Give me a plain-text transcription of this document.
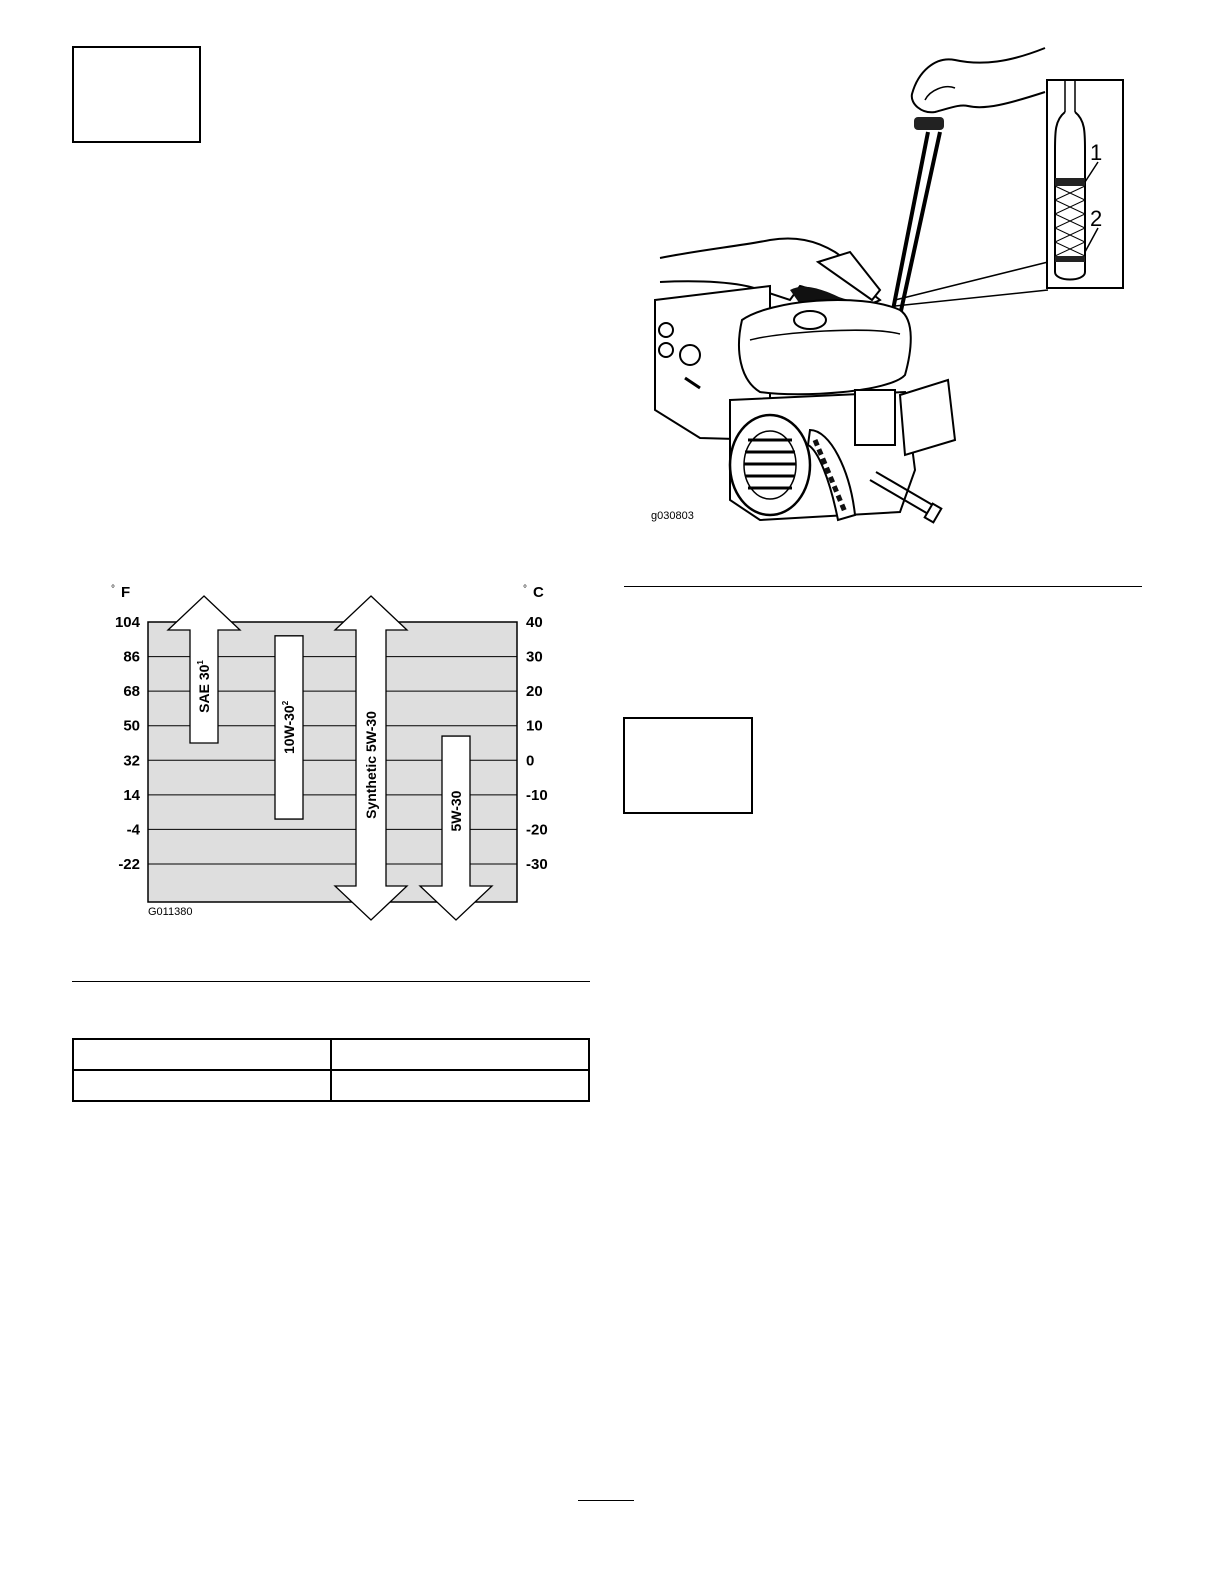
1
2
g030803
104	40
86	30
68	20
50	10
32	0
14	-10
-4	-20
-22	-30
SAE $30^1$
$10W-30^2$
Synthetic 5W-30	5W-30
° F	° C
G011380
